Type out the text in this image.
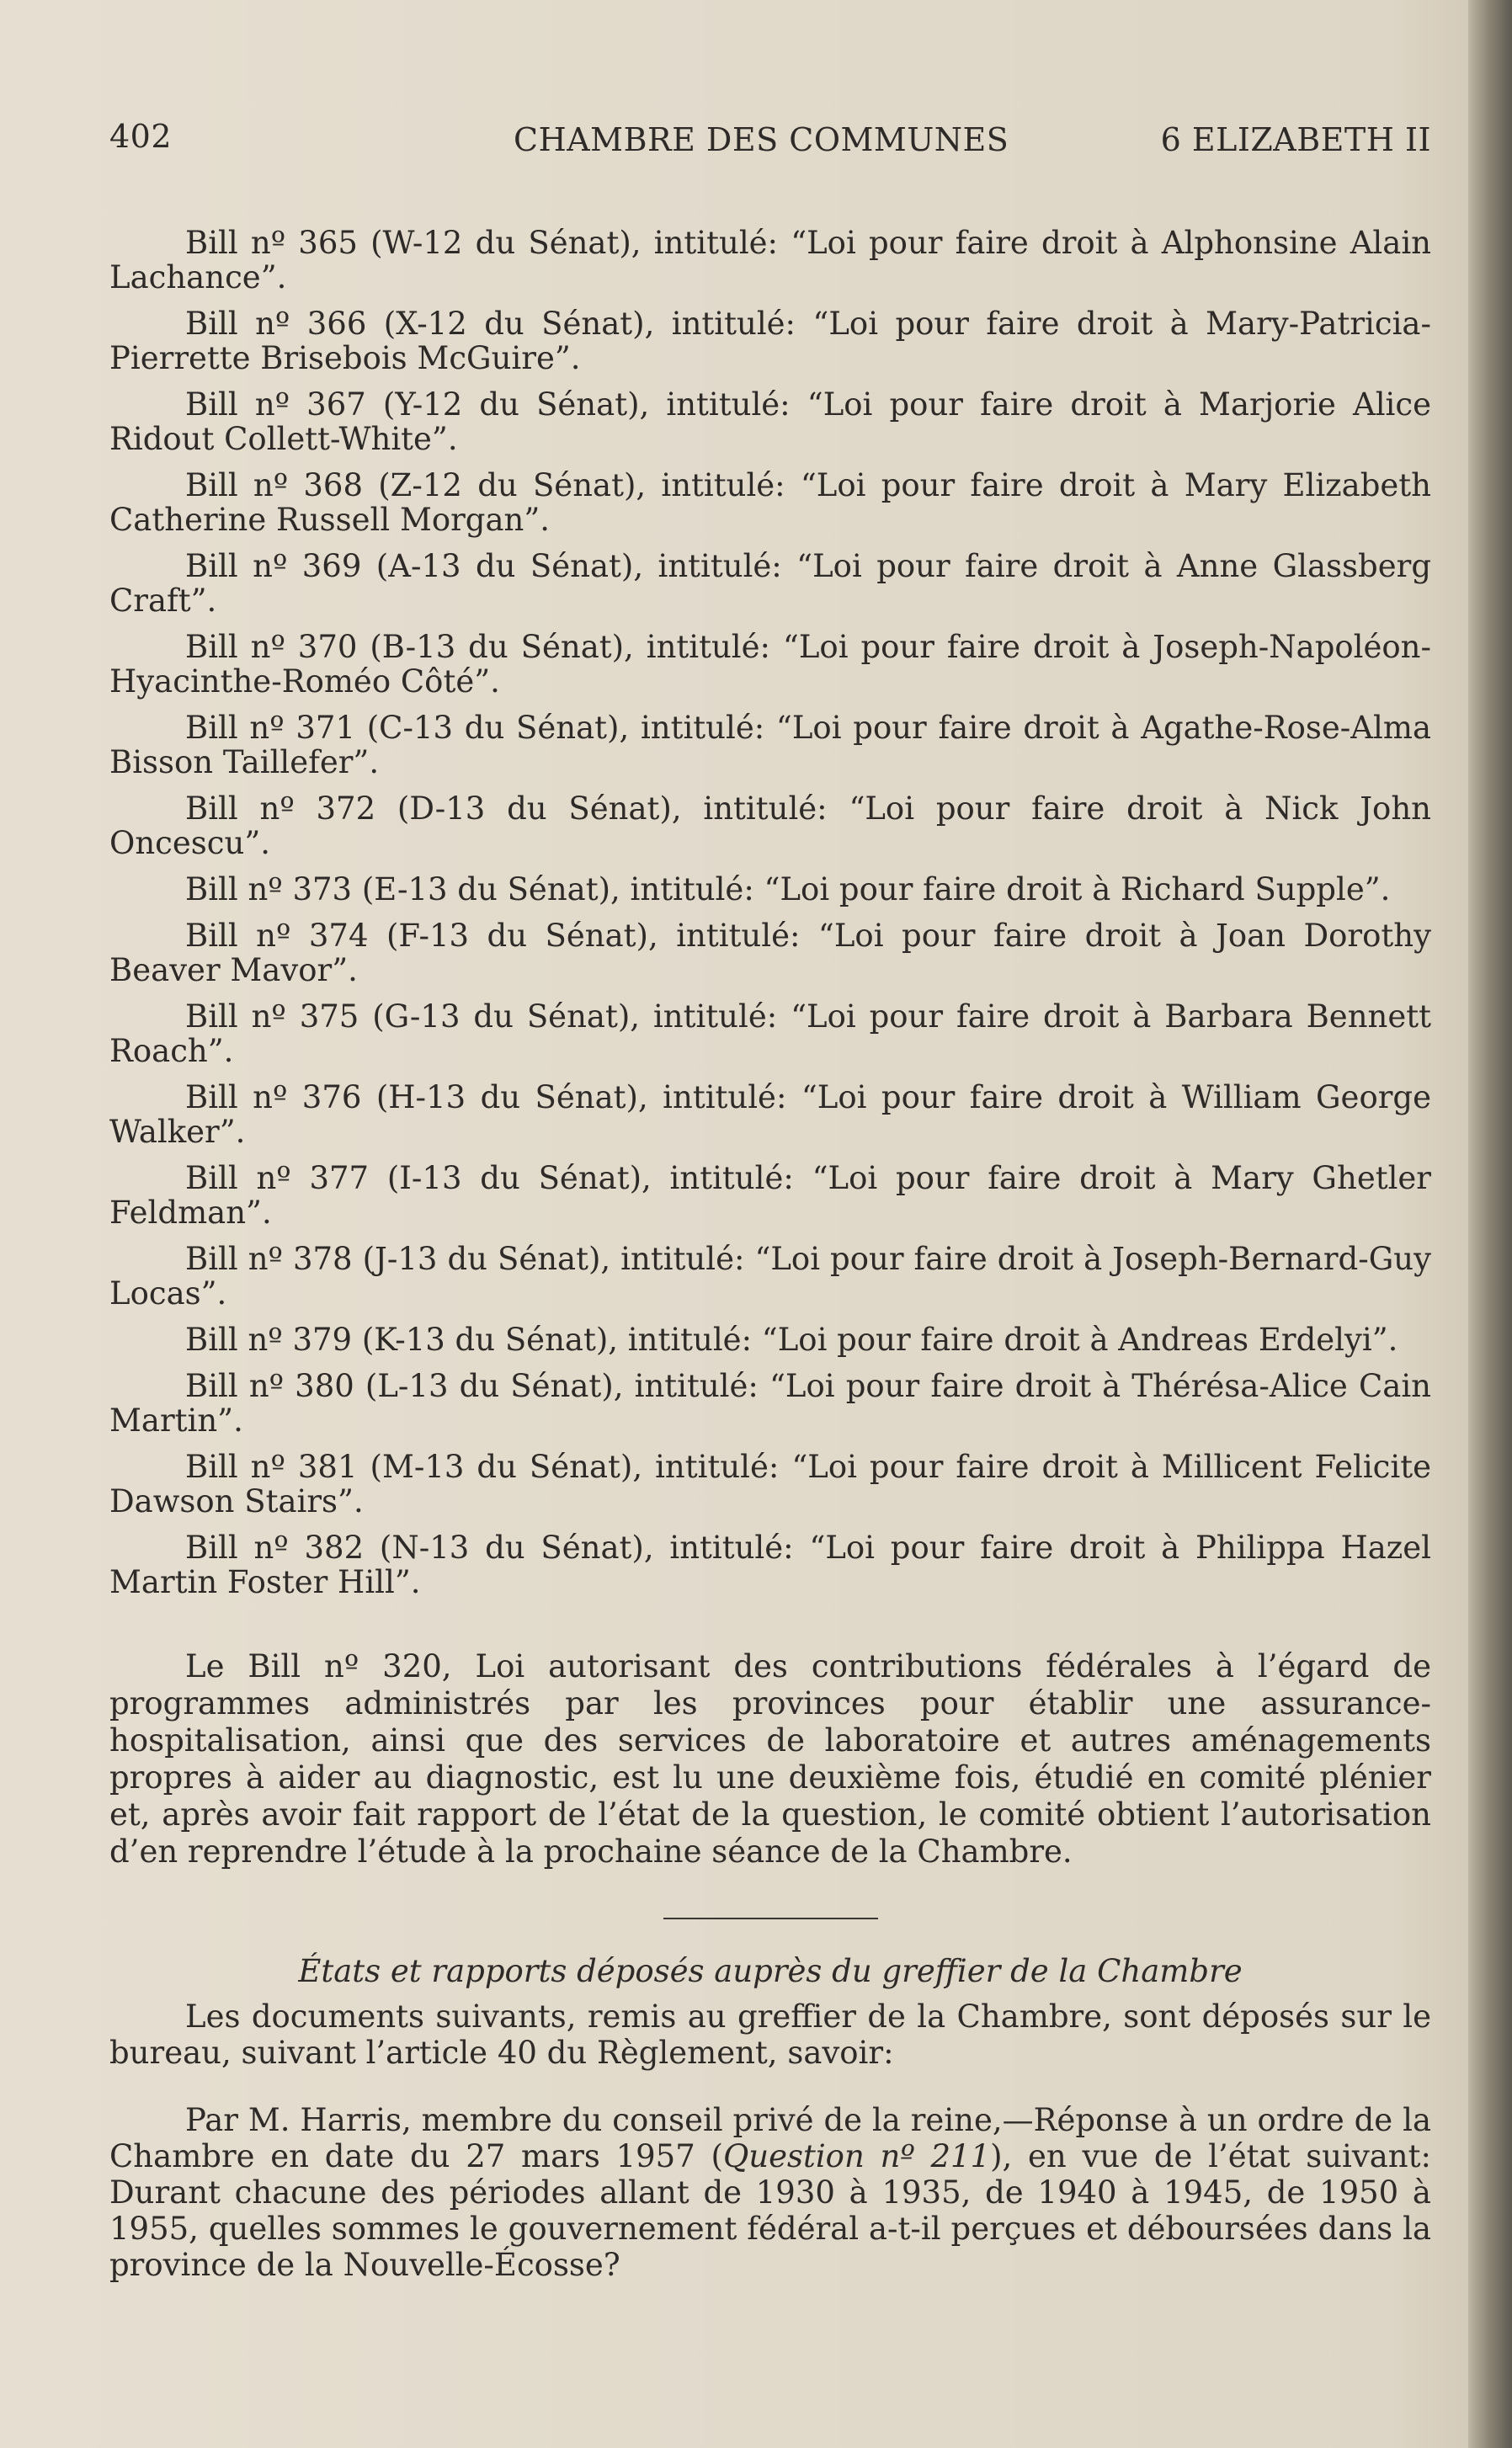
402	CHAMBRE DES COMMUNES	6 ELIZABETH II

Bill nº 365 (W-12 du Sénat), intitulé: “Loi pour faire droit à Alphonsine Alain Lachance”.

Bill nº 366 (X-12 du Sénat), intitulé: “Loi pour faire droit à Mary-Patricia-Pierrette Brisebois McGuire”.

Bill nº 367 (Y-12 du Sénat), intitulé: “Loi pour faire droit à Marjorie Alice Ridout Collett-White”.

Bill nº 368 (Z-12 du Sénat), intitulé: “Loi pour faire droit à Mary Elizabeth Catherine Russell Morgan”.

Bill nº 369 (A-13 du Sénat), intitulé: “Loi pour faire droit à Anne Glassberg Craft”.

Bill nº 370 (B-13 du Sénat), intitulé: “Loi pour faire droit à Joseph-Napoléon-Hyacinthe-Roméo Côté”.

Bill nº 371 (C-13 du Sénat), intitulé: “Loi pour faire droit à Agathe-Rose-Alma Bisson Taillefer”.

Bill nº 372 (D-13 du Sénat), intitulé: “Loi pour faire droit à Nick John Oncescu”.

Bill nº 373 (E-13 du Sénat), intitulé: “Loi pour faire droit à Richard Supple”.

Bill nº 374 (F-13 du Sénat), intitulé: “Loi pour faire droit à Joan Dorothy Beaver Mavor”.

Bill nº 375 (G-13 du Sénat), intitulé: “Loi pour faire droit à Barbara Bennett Roach”.

Bill nº 376 (H-13 du Sénat), intitulé: “Loi pour faire droit à William George Walker”.

Bill nº 377 (I-13 du Sénat), intitulé: “Loi pour faire droit à Mary Ghetler Feldman”.

Bill nº 378 (J-13 du Sénat), intitulé: “Loi pour faire droit à Joseph-Bernard-Guy Locas”.

Bill nº 379 (K-13 du Sénat), intitulé: “Loi pour faire droit à Andreas Erdelyi”.

Bill nº 380 (L-13 du Sénat), intitulé: “Loi pour faire droit à Thérésa-Alice Cain Martin”.

Bill nº 381 (M-13 du Sénat), intitulé: “Loi pour faire droit à Millicent Felicite Dawson Stairs”.

Bill nº 382 (N-13 du Sénat), intitulé: “Loi pour faire droit à Philippa Hazel Martin Foster Hill”.

Le Bill nº 320, Loi autorisant des contributions fédérales à l’égard de programmes administrés par les provinces pour établir une assurance-hospitalisation, ainsi que des services de laboratoire et autres aménagements propres à aider au diagnostic, est lu une deuxième fois, étudié en comité plénier et, après avoir fait rapport de l’état de la question, le comité obtient l’autorisation d’en reprendre l’étude à la prochaine séance de la Chambre.

États et rapports déposés auprès du greffier de la Chambre

Les documents suivants, remis au greffier de la Chambre, sont déposés sur le bureau, suivant l’article 40 du Règlement, savoir:

Par M. Harris, membre du conseil privé de la reine,—Réponse à un ordre de la Chambre en date du 27 mars 1957 (Question nº 211), en vue de l’état suivant: Durant chacune des périodes allant de 1930 à 1935, de 1940 à 1945, de 1950 à 1955, quelles sommes le gouvernement fédéral a-t-il perçues et déboursées dans la province de la Nouvelle-Écosse?
